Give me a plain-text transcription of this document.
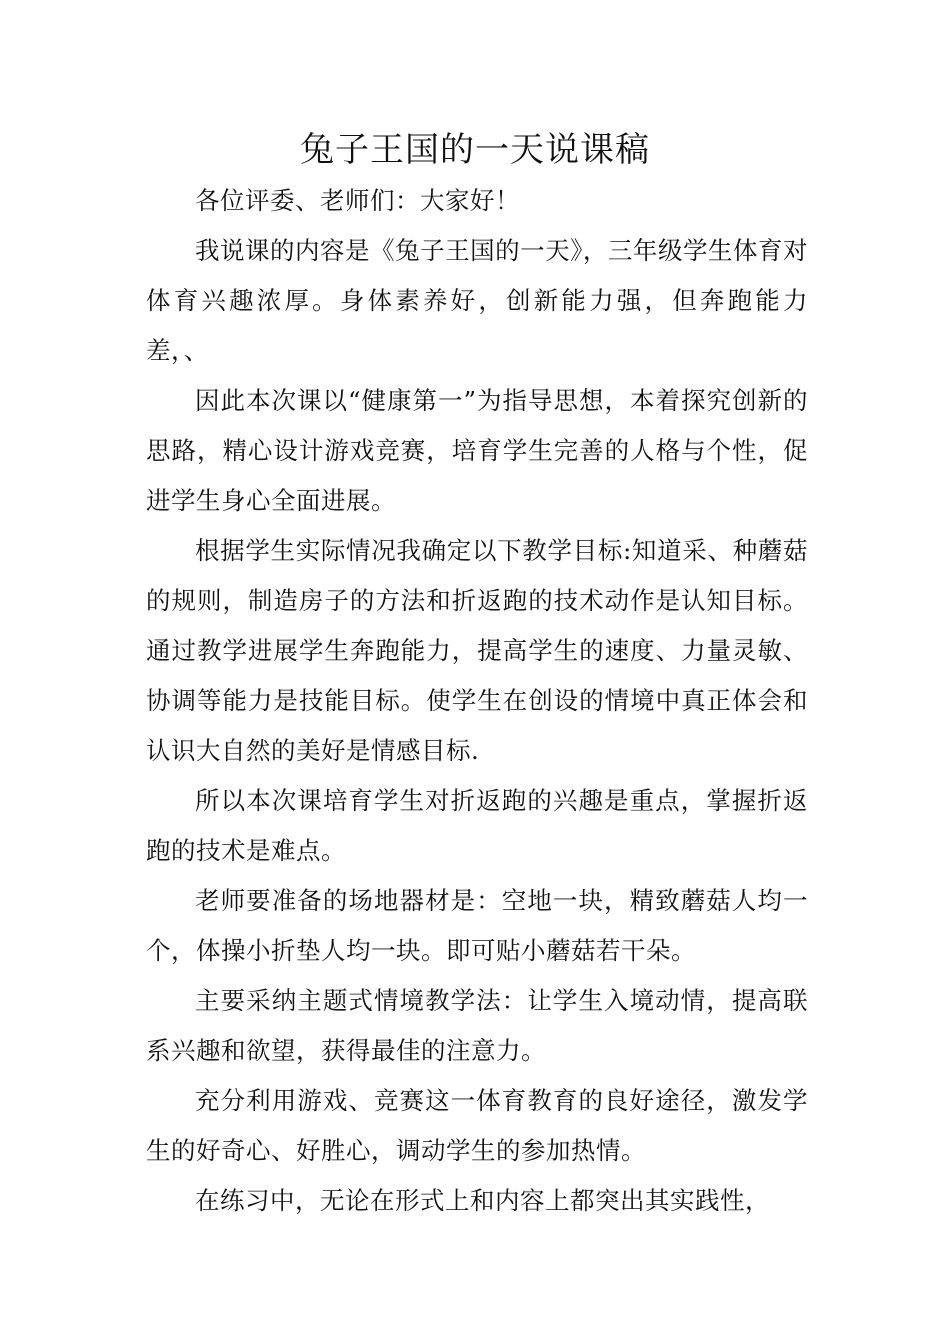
兔子王国的一天说课稿

各位评委、老师们：大家好！

我说课的内容是《兔子王国的一天》，三年级学生体育对体育兴趣浓厚。身体素养好，创新能力强，但奔跑能力差，、

因此本次课以“健康第一”为指导思想，本着探究创新的思路，精心设计游戏竞赛，培育学生完善的人格与个性，促进学生身心全面进展。

根据学生实际情况我确定以下教学目标:知道采、种蘑菇的规则，制造房子的方法和折返跑的技术动作是认知目标。通过教学进展学生奔跑能力，提高学生的速度、力量灵敏、协调等能力是技能目标。使学生在创设的情境中真正体会和认识大自然的美好是情感目标.

所以本次课培育学生对折返跑的兴趣是重点，掌握折返跑的技术是难点。

老师要准备的场地器材是：空地一块，精致蘑菇人均一个，体操小折垫人均一块。即可贴小蘑菇若干朵。

主要采纳主题式情境教学法：让学生入境动情，提高联系兴趣和欲望，获得最佳的注意力。

充分利用游戏、竞赛这一体育教育的良好途径，激发学生的好奇心、好胜心，调动学生的参加热情。

在练习中，无论在形式上和内容上都突出其实践性，
